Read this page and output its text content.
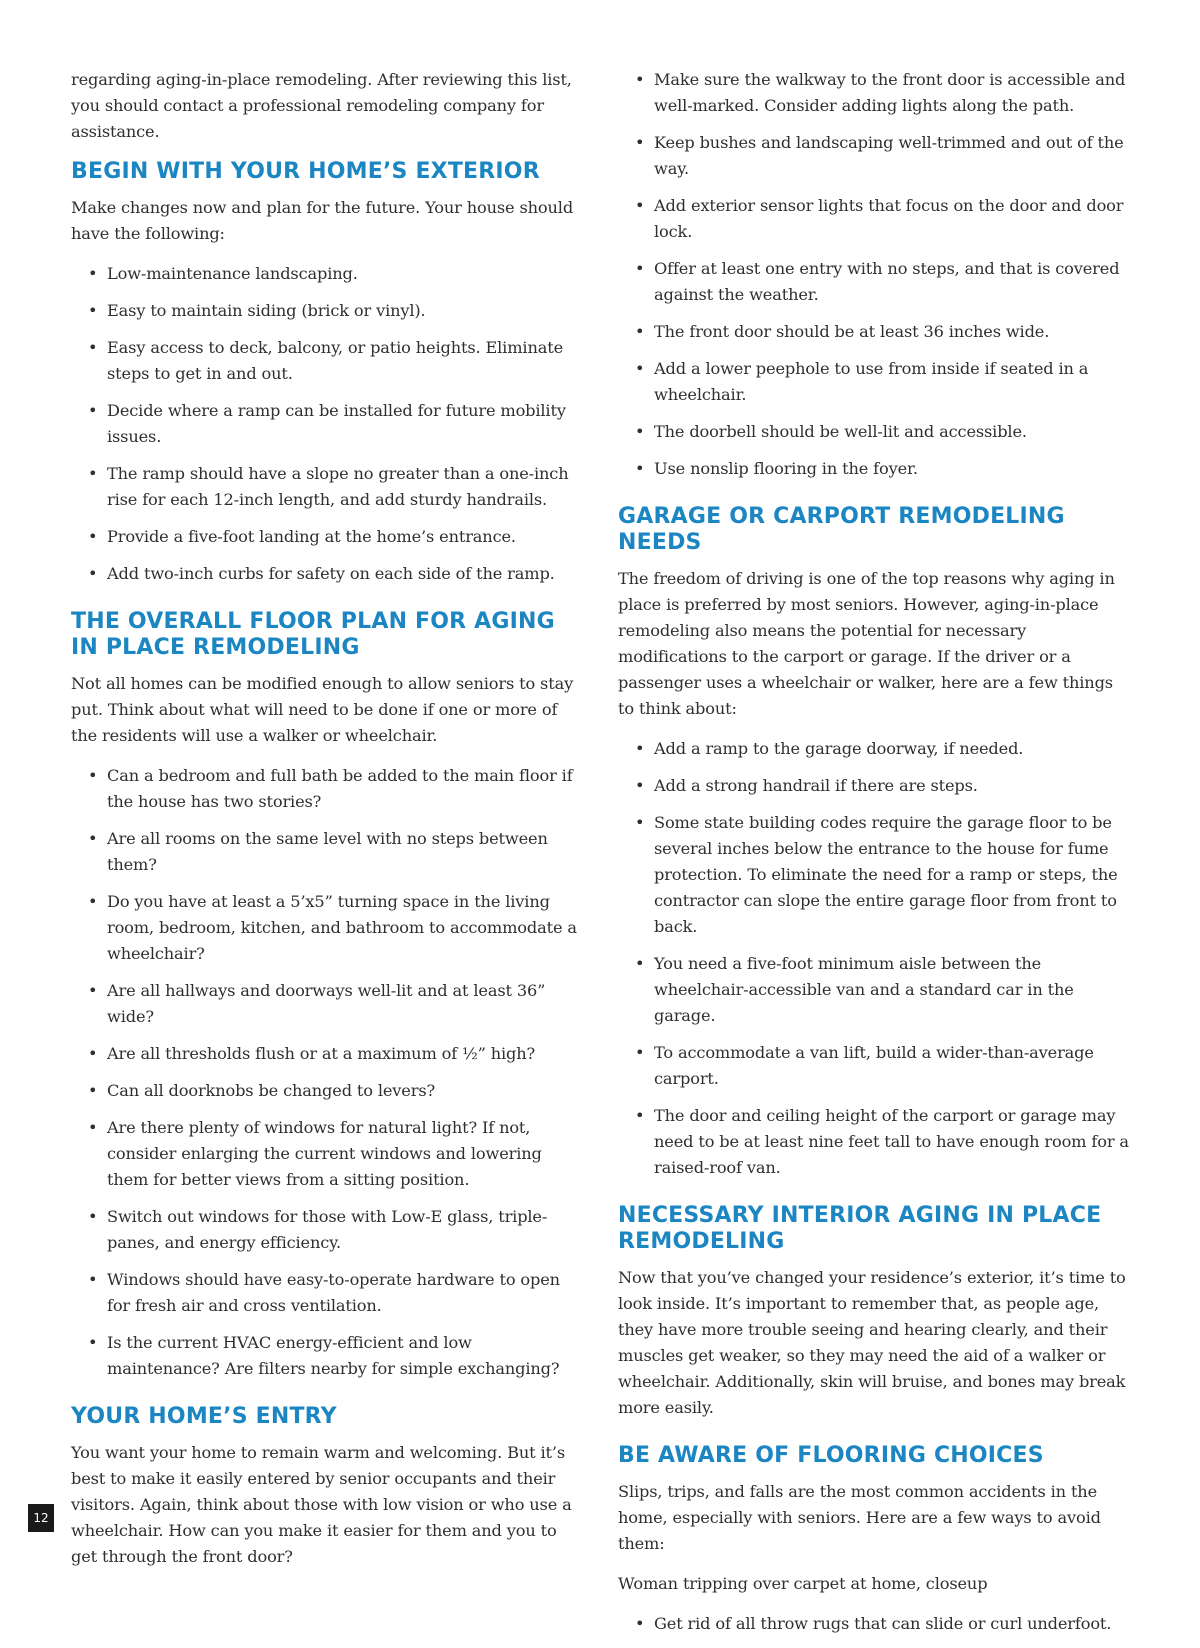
regarding aging-in-place remodeling. After reviewing this list, you should contact a professional remodeling company for assistance.

BEGIN WITH YOUR HOME’S EXTERIOR

Make changes now and plan for the future. Your house should have the following:

• Low-maintenance landscaping.
• Easy to maintain siding (brick or vinyl).
• Easy access to deck, balcony, or patio heights. Eliminate steps to get in and out.
• Decide where a ramp can be installed for future mobility issues.
• The ramp should have a slope no greater than a one-inch rise for each 12-inch length, and add sturdy handrails.
• Provide a five-foot landing at the home’s entrance.
• Add two-inch curbs for safety on each side of the ramp.
THE OVERALL FLOOR PLAN FOR AGING IN PLACE REMODELING

Not all homes can be modified enough to allow seniors to stay put. Think about what will need to be done if one or more of the residents will use a walker or wheelchair.

• Can a bedroom and full bath be added to the main floor if the house has two stories?
• Are all rooms on the same level with no steps between them?
• Do you have at least a 5’x5” turning space in the living room, bedroom, kitchen, and bathroom to accommodate a wheelchair?
• Are all hallways and doorways well-lit and at least 36” wide?
• Are all thresholds flush or at a maximum of ½” high?
• Can all doorknobs be changed to levers?
• Are there plenty of windows for natural light? If not, consider enlarging the current windows and lowering them for better views from a sitting position.
• Switch out windows for those with Low-E glass, triple-panes, and energy efficiency.
• Windows should have easy-to-operate hardware to open for fresh air and cross ventilation.
• Is the current HVAC energy-efficient and low maintenance? Are filters nearby for simple exchanging?
YOUR HOME’S ENTRY

You want your home to remain warm and welcoming. But it’s best to make it easily entered by senior occupants and their visitors. Again, think about those with low vision or who use a wheelchair. How can you make it easier for them and you to get through the front door?

• Make sure the walkway to the front door is accessible and well-marked. Consider adding lights along the path.
• Keep bushes and landscaping well-trimmed and out of the way.
• Add exterior sensor lights that focus on the door and door lock.
• Offer at least one entry with no steps, and that is covered against the weather.
• The front door should be at least 36 inches wide.
• Add a lower peephole to use from inside if seated in a wheelchair.
• The doorbell should be well-lit and accessible.
• Use nonslip flooring in the foyer.
GARAGE OR CARPORT REMODELING NEEDS

The freedom of driving is one of the top reasons why aging in place is preferred by most seniors. However, aging-in-place remodeling also means the potential for necessary modifications to the carport or garage. If the driver or a passenger uses a wheelchair or walker, here are a few things to think about:

• Add a ramp to the garage doorway, if needed.
• Add a strong handrail if there are steps.
• Some state building codes require the garage floor to be several inches below the entrance to the house for fume protection. To eliminate the need for a ramp or steps, the contractor can slope the entire garage floor from front to back.
• You need a five-foot minimum aisle between the wheelchair-accessible van and a standard car in the garage.
• To accommodate a van lift, build a wider-than-average carport.
• The door and ceiling height of the carport or garage may need to be at least nine feet tall to have enough room for a raised-roof van.
NECESSARY INTERIOR AGING IN PLACE REMODELING

Now that you’ve changed your residence’s exterior, it’s time to look inside. It’s important to remember that, as people age, they have more trouble seeing and hearing clearly, and their muscles get weaker, so they may need the aid of a walker or wheelchair. Additionally, skin will bruise, and bones may break more easily.

BE AWARE OF FLOORING CHOICES

Slips, trips, and falls are the most common accidents in the home, especially with seniors. Here are a few ways to avoid them:

Woman tripping over carpet at home, closeup

• Get rid of all throw rugs that can slide or curl underfoot.
12
